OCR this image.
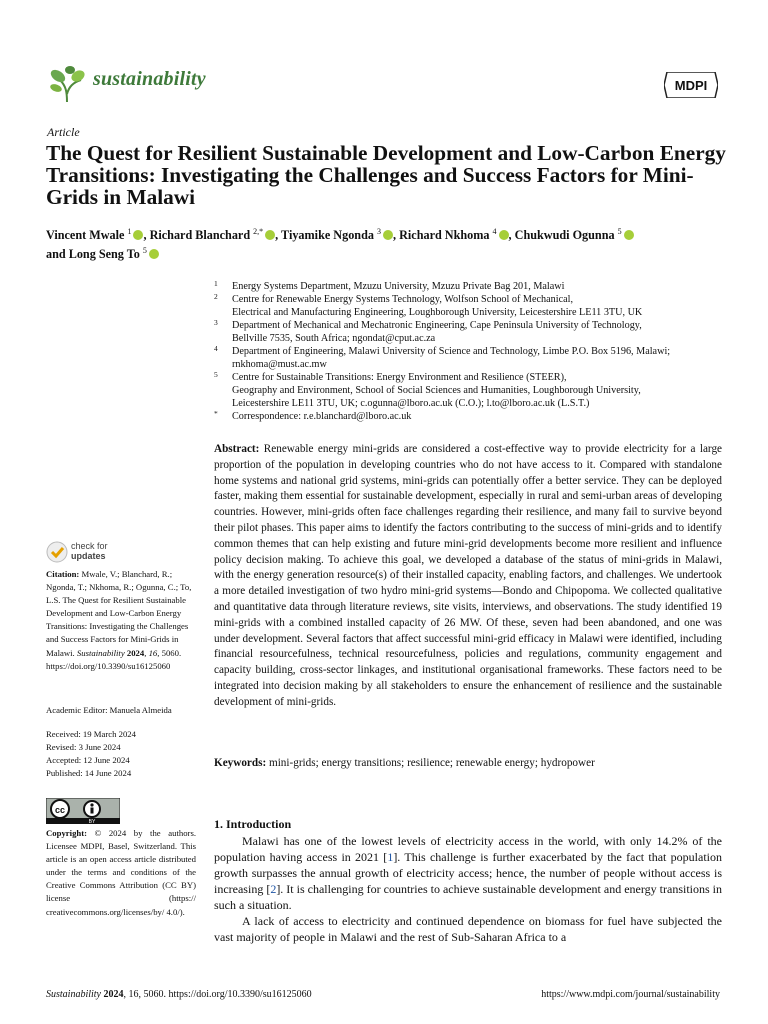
sustainability	MDPI
Article
The Quest for Resilient Sustainable Development and Low-Carbon Energy Transitions: Investigating the Challenges and Success Factors for Mini-Grids in Malawi
Vincent Mwale $^1$ , Richard Blanchard $^{2,*}$ , Tiyamike Ngonda $^3$ , Richard Nkhoma $^4$ , Chukwudi Ogunna $^5$
and Long Seng To $^5$
1 Energy Systems Department, Mzuzu University, Mzuzu Private Bag 201, Malawi
2 Centre for Renewable Energy Systems Technology, Wolfson School of Mechanical,
Electrical and Manufacturing Engineering, Loughborough University, Leicestershire LE11 3TU, UK
3 Department of Mechanical and Mechatronic Engineering, Cape Peninsula University of Technology,
Bellville 7535, South Africa; ngondat@cput.ac.za
4 Department of Engineering, Malawi University of Science and Technology, Limbe P.O. Box 5196, Malawi;
rnkhoma@must.ac.mw
5 Centre for Sustainable Transitions: Energy Environment and Resilience (STEER),
Geography and Environment, School of Social Sciences and Humanities, Loughborough University,
Leicestershire LE11 3TU, UK; c.ogunna@lboro.ac.uk (C.O.); l.to@lboro.ac.uk (L.S.T.)
* Correspondence: r.e.blanchard@lboro.ac.uk
Abstract: Renewable energy mini-grids are considered a cost-effective way to provide electricity for a large proportion of the population in developing countries who do not have access to it. Compared with standalone home systems and national grid systems, mini-grids can potentially offer a better service. They can be deployed faster, making them essential for sustainable development, especially in rural and semi-urban areas of developing countries. However, mini-grids often face challenges regarding their resilience, and many fail to survive beyond their pilot phases. This paper aims to identify the factors contributing to the success of mini-grids and to identify common themes that can help existing and future mini-grid developments become more resilient and influence policy decision making. To achieve this goal, we developed a database of the status of mini-grids in Malawi, with the energy generation resource(s) of their installed capacity, enabling factors, and challenges. We undertook a more detailed investigation of two hydro mini-grid systems—Bondo and Chipopoma. We collected qualitative and quantitative data through literature reviews, site visits, interviews, and observations. The study identified 19 mini-grids with a combined installed capacity of 26 MW. Of these, seven had been abandoned, and one was under development. Several factors that affect successful mini-grid efficacy in Malawi were identified, including financial resourcefulness, technical resourcefulness, policies and regulations, community engagement and capacity building, cross-sector linkages, and institutional organisational frameworks. These factors need to be integrated into decision making by all stakeholders to ensure the enhancement of resilience and the sustainable development of mini-grids.
Keywords: mini-grids; energy transitions; resilience; renewable energy; hydropower
check for
updates
Citation: Mwale, V.; Blanchard, R.; Ngonda, T.; Nkhoma, R.; Ogunna, C.; To, L.S. The Quest for Resilient Sustainable Development and Low-Carbon Energy Transitions: Investigating the Challenges and Success Factors for Mini-Grids in Malawi. Sustainability 2024, 16, 5060. https://doi.org/10.3390/su16125060
Academic Editor: Manuela Almeida
Received: 19 March 2024
Revised: 3 June 2024
Accepted: 12 June 2024
Published: 14 June 2024
cc
BY
Copyright: © 2024 by the authors. Licensee MDPI, Basel, Switzerland. This article is an open access article distributed under the terms and conditions of the Creative Commons Attribution (CC BY) license (https:// creativecommons.org/licenses/by/ 4.0/).
1. Introduction

Malawi has one of the lowest levels of electricity access in the world, with only 14.2% of the population having access in 2021 [1]. This challenge is further exacerbated by the fact that population growth surpasses the annual growth of electricity access; hence, the number of people without access is increasing [2]. It is challenging for countries to achieve sustainable development and energy transitions in such a situation.

A lack of access to electricity and continued dependence on biomass for fuel have subjected the vast majority of people in Malawi and the rest of Sub-Saharan Africa to a

Sustainability 2024, 16, 5060. https://doi.org/10.3390/su16125060	https://www.mdpi.com/journal/sustainability
